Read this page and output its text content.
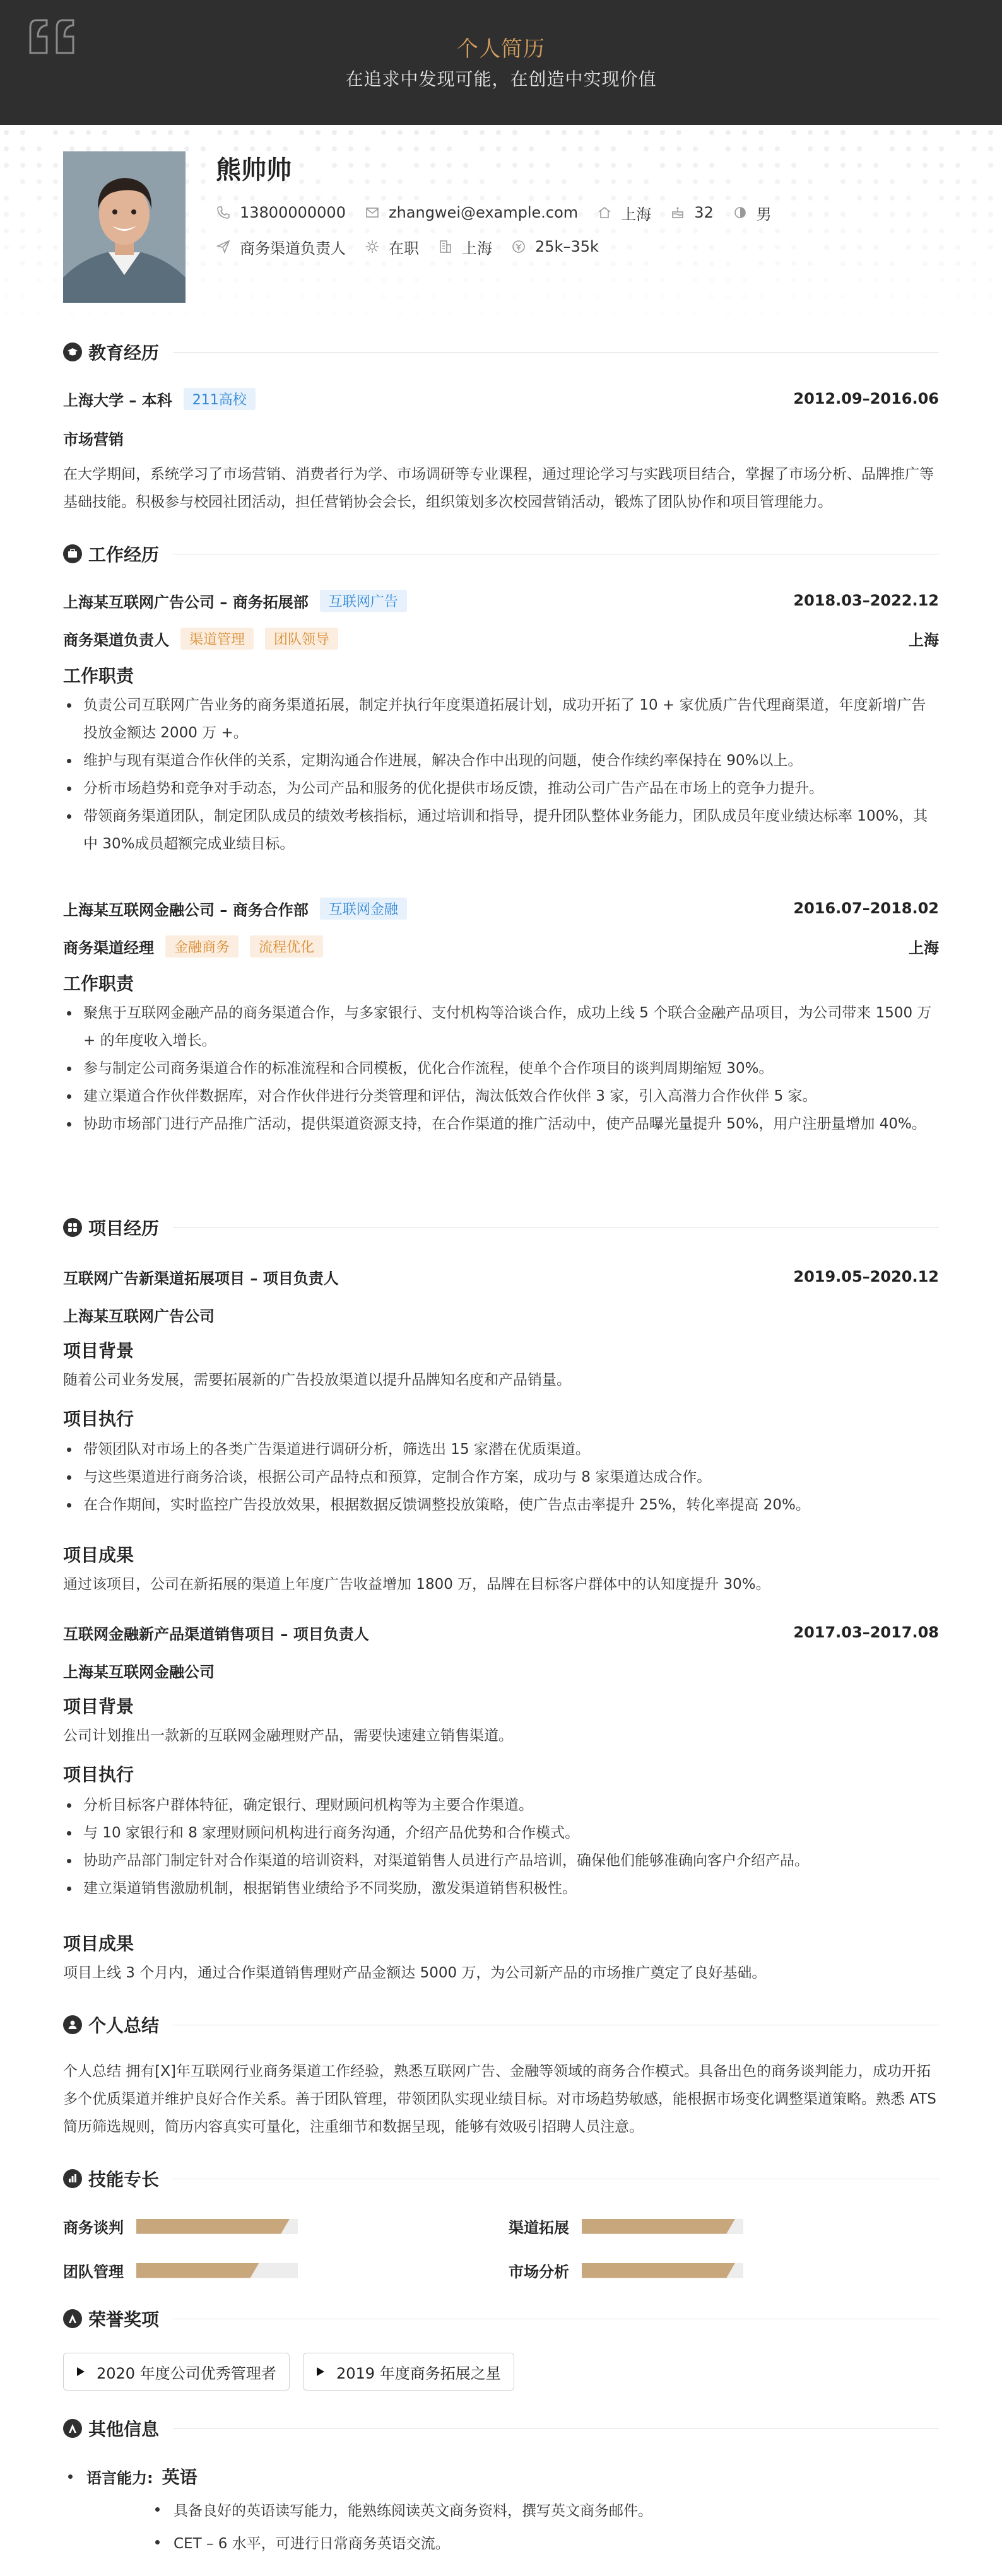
个人简历
在追求中发现可能，在创造中实现价值
熊帅帅
13800000000	zhangwei@example.com	上海	32	男
商务渠道负责人	在职	上海	25k–35k
教育经历
上海大学 – 本科	211高校	2012.09–2016.06
市场营销
在大学期间，系统学习了市场营销、消费者行为学、市场调研等专业课程，通过理论学习与实践项目结合，掌握了市场分析、品牌推广等基础技能。积极参与校园社团活动，担任营销协会会长，组织策划多次校园营销活动，锻炼了团队协作和项目管理能力。
工作经历
上海某互联网广告公司 – 商务拓展部	互联网广告	2018.03–2022.12
商务渠道负责人	渠道管理	团队领导	上海
工作职责
负责公司互联网广告业务的商务渠道拓展，制定并执行年度渠道拓展计划，成功开拓了 10 + 家优质广告代理商渠道，年度新增广告投放金额达 2000 万 +。
维护与现有渠道合作伙伴的关系，定期沟通合作进展，解决合作中出现的问题，使合作续约率保持在 90%以上。
分析市场趋势和竞争对手动态，为公司产品和服务的优化提供市场反馈，推动公司广告产品在市场上的竞争力提升。
带领商务渠道团队，制定团队成员的绩效考核指标，通过培训和指导，提升团队整体业务能力，团队成员年度业绩达标率 100%，其中 30%成员超额完成业绩目标。
上海某互联网金融公司 – 商务合作部	互联网金融	2016.07–2018.02
商务渠道经理	金融商务	流程优化	上海
工作职责
聚焦于互联网金融产品的商务渠道合作，与多家银行、支付机构等洽谈合作，成功上线 5 个联合金融产品项目，为公司带来 1500 万 + 的年度收入增长。
参与制定公司商务渠道合作的标准流程和合同模板，优化合作流程，使单个合作项目的谈判周期缩短 30%。
建立渠道合作伙伴数据库，对合作伙伴进行分类管理和评估，淘汰低效合作伙伴 3 家，引入高潜力合作伙伴 5 家。
协助市场部门进行产品推广活动，提供渠道资源支持，在合作渠道的推广活动中，使产品曝光量提升 50%，用户注册量增加 40%。
项目经历
互联网广告新渠道拓展项目 – 项目负责人	2019.05–2020.12
上海某互联网广告公司
项目背景
随着公司业务发展，需要拓展新的广告投放渠道以提升品牌知名度和产品销量。
项目执行
带领团队对市场上的各类广告渠道进行调研分析，筛选出 15 家潜在优质渠道。
与这些渠道进行商务洽谈，根据公司产品特点和预算，定制合作方案，成功与 8 家渠道达成合作。
在合作期间，实时监控广告投放效果，根据数据反馈调整投放策略，使广告点击率提升 25%，转化率提高 20%。
项目成果
通过该项目，公司在新拓展的渠道上年度广告收益增加 1800 万，品牌在目标客户群体中的认知度提升 30%。
互联网金融新产品渠道销售项目 – 项目负责人	2017.03–2017.08
上海某互联网金融公司
项目背景
公司计划推出一款新的互联网金融理财产品，需要快速建立销售渠道。
项目执行
分析目标客户群体特征，确定银行、理财顾问机构等为主要合作渠道。
与 10 家银行和 8 家理财顾问机构进行商务沟通，介绍产品优势和合作模式。
协助产品部门制定针对合作渠道的培训资料，对渠道销售人员进行产品培训，确保他们能够准确向客户介绍产品。
建立渠道销售激励机制，根据销售业绩给予不同奖励，激发渠道销售积极性。
项目成果
项目上线 3 个月内，通过合作渠道销售理财产品金额达 5000 万，为公司新产品的市场推广奠定了良好基础。
个人总结
个人总结 拥有[X]年互联网行业商务渠道工作经验，熟悉互联网广告、金融等领域的商务合作模式。具备出色的商务谈判能力，成功开拓多个优质渠道并维护良好合作关系。善于团队管理，带领团队实现业绩目标。对市场趋势敏感，能根据市场变化调整渠道策略。熟悉 ATS 简历筛选规则，简历内容真实可量化，注重细节和数据呈现，能够有效吸引招聘人员注意。
技能专长
商务谈判	渠道拓展
团队管理	市场分析
荣誉奖项
2020 年度公司优秀管理者	2019 年度商务拓展之星
其他信息
语言能力: 英语
具备良好的英语读写能力，能熟练阅读英文商务资料，撰写英文商务邮件。
CET – 6 水平，可进行日常商务英语交流。
